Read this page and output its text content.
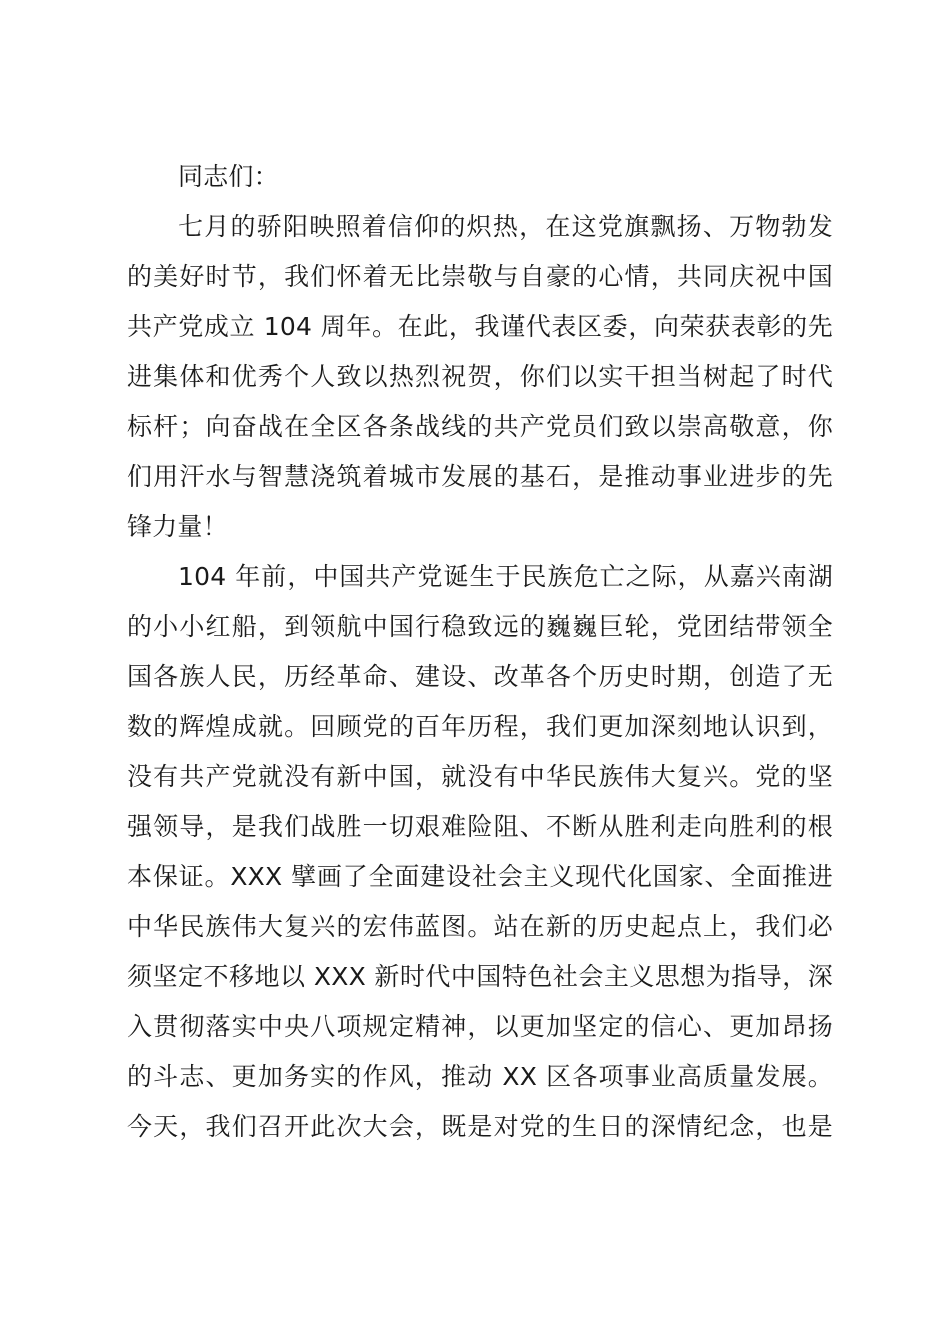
同志们：
七月的骄阳映照着信仰的炽热，在这党旗飘扬、万物勃发
的美好时节，我们怀着无比崇敬与自豪的心情，共同庆祝中国
共产党成立 104 周年。在此，我谨代表区委，向荣获表彰的先
进集体和优秀个人致以热烈祝贺，你们以实干担当树起了时代
标杆；向奋战在全区各条战线的共产党员们致以崇高敬意，你
们用汗水与智慧浇筑着城市发展的基石，是推动事业进步的先
锋力量！
104 年前，中国共产党诞生于民族危亡之际，从嘉兴南湖
的小小红船，到领航中国行稳致远的巍巍巨轮，党团结带领全
国各族人民，历经革命、建设、改革各个历史时期，创造了无
数的辉煌成就。回顾党的百年历程，我们更加深刻地认识到，
没有共产党就没有新中国，就没有中华民族伟大复兴。党的坚
强领导，是我们战胜一切艰难险阻、不断从胜利走向胜利的根
本保证。XXX 擘画了全面建设社会主义现代化国家、全面推进
中华民族伟大复兴的宏伟蓝图。站在新的历史起点上，我们必
须坚定不移地以 XXX 新时代中国特色社会主义思想为指导，深
入贯彻落实中央八项规定精神，以更加坚定的信心、更加昂扬
的斗志、更加务实的作风，推动 XX 区各项事业高质量发展。
今天，我们召开此次大会，既是对党的生日的深情纪念，也是
